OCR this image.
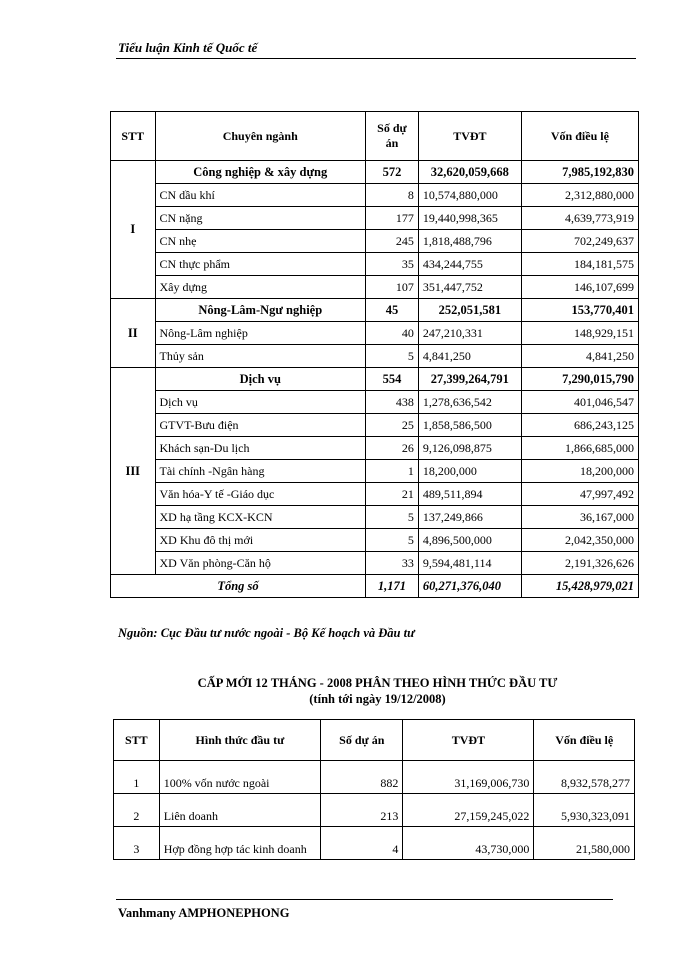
Tiểu luận Kinh tế Quốc tế
STT	Chuyên ngành	Số dự án	TVĐT	Vốn điều lệ
I	Công nghiệp & xây dựng	572	32,620,059,668	7,985,192,830
	CN dầu khí	8	10,574,880,000	2,312,880,000
	CN nặng	177	19,440,998,365	4,639,773,919
	CN nhẹ	245	1,818,488,796	702,249,637
	CN thực phẩm	35	434,244,755	184,181,575
	Xây dựng	107	351,447,752	146,107,699
II	Nông-Lâm-Ngư nghiệp	45	252,051,581	153,770,401
	Nông-Lâm nghiệp	40	247,210,331	148,929,151
	Thủy sản	5	4,841,250	4,841,250
III	Dịch vụ	554	27,399,264,791	7,290,015,790
	Dịch vụ	438	1,278,636,542	401,046,547
	GTVT-Bưu điện	25	1,858,586,500	686,243,125
	Khách sạn-Du lịch	26	9,126,098,875	1,866,685,000
	Tài chính -Ngân hàng	1	18,200,000	18,200,000
	Văn hóa-Y tế -Giáo dục	21	489,511,894	47,997,492
	XD hạ tầng KCX-KCN	5	137,249,866	36,167,000
	XD Khu đô thị mới	5	4,896,500,000	2,042,350,000
	XD Văn phòng-Căn hộ	33	9,594,481,114	2,191,326,626
Tổng số		1,171	60,271,376,040	15,428,979,021
Nguồn: Cục Đầu tư nước ngoài - Bộ Kế hoạch và Đầu tư
CẤP MỚI 12 THÁNG - 2008 PHÂN THEO HÌNH THỨC ĐẦU TƯ
(tính tới ngày 19/12/2008)
STT	Hình thức đầu tư	Số dự án	TVĐT	Vốn điều lệ
1	100% vốn nước ngoài	882	31,169,006,730	8,932,578,277
2	Liên doanh	213	27,159,245,022	5,930,323,091
3	Hợp đồng hợp tác kinh doanh	4	43,730,000	21,580,000
Vanhmany AMPHONEPHONG
